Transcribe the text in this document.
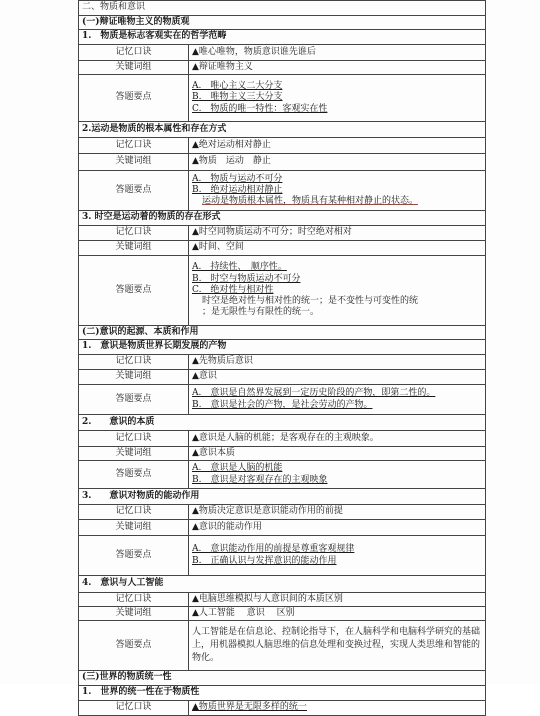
二、物质和意识	
(一)辩证唯物主义的物质观	
1.　物质是标志客观实在的哲学范畴	
记忆口诀	▲唯心唯物，物质意识谁先谁后
关键词组	▲辩证唯物主义
答题要点	A.　唯心主义二大分支
B.　唯物主义三大分支
C.　物质的唯一特性：客观实在性

2.运动是物质的根本属性和存在方式	
记忆口诀	▲绝对运动相对静止
关键词组	▲物质　运动　静止
答题要点	A.　物质与运动不可分
B.　绝对运动相对静止
运动是物质根本属性，物质具有某种相对静止的状态。

3. 时空是运动着的物质的存在形式	
记忆口诀	▲时空同物质运动不可分；时空绝对相对
关键词组	▲时间、空间
答题要点	A.　持续性、　顺序性。
B.　时空与物质运动不可分
C.　绝对性与相对性
时空是绝对性与相对性的统一；是不变性与可变性的统
；是无限性与有限性的统一。

(二)意识的起源、本质和作用	
1.　意识是物质世界长期发展的产物	
记忆口诀	▲先物质后意识
关键词组	▲意识
答题要点	A.　意识是自然界发展到一定历史阶段的产物，即第二性的。
B.　意识是社会的产物，是社会劳动的产物。

2.　　意识的本质	
记忆口诀	▲意识是人脑的机能；是客观存在的主观映象。
关键词组	▲意识本质
答题要点	A.　意识是人脑的机能
B.　意识是对客观存在的主观映象

3.　　意识对物质的能动作用	
记忆口诀	▲物质决定意识是意识能动作用的前提
关键词组	▲意识的能动作用
答题要点	A.　意识能动作用的前提是尊重客观规律
B.　正确认识与发挥意识的能动作用

4.　意识与人工智能	
记忆口诀	▲电脑思维模拟与人意识间的本质区别
关键词组	▲人工智能　 意识　 区别
答题要点	人工智能是在信息论、控制论指导下，在人脑科学和电脑科学研究的基础上，用机器模拟人脑思维的信息处理和变换过程，实现人类思维和智能的物化。
(三)世界的物质统一性	
1.　世界的统一性在于物质性	
记忆口诀	▲物质世界是无限多样的统一
